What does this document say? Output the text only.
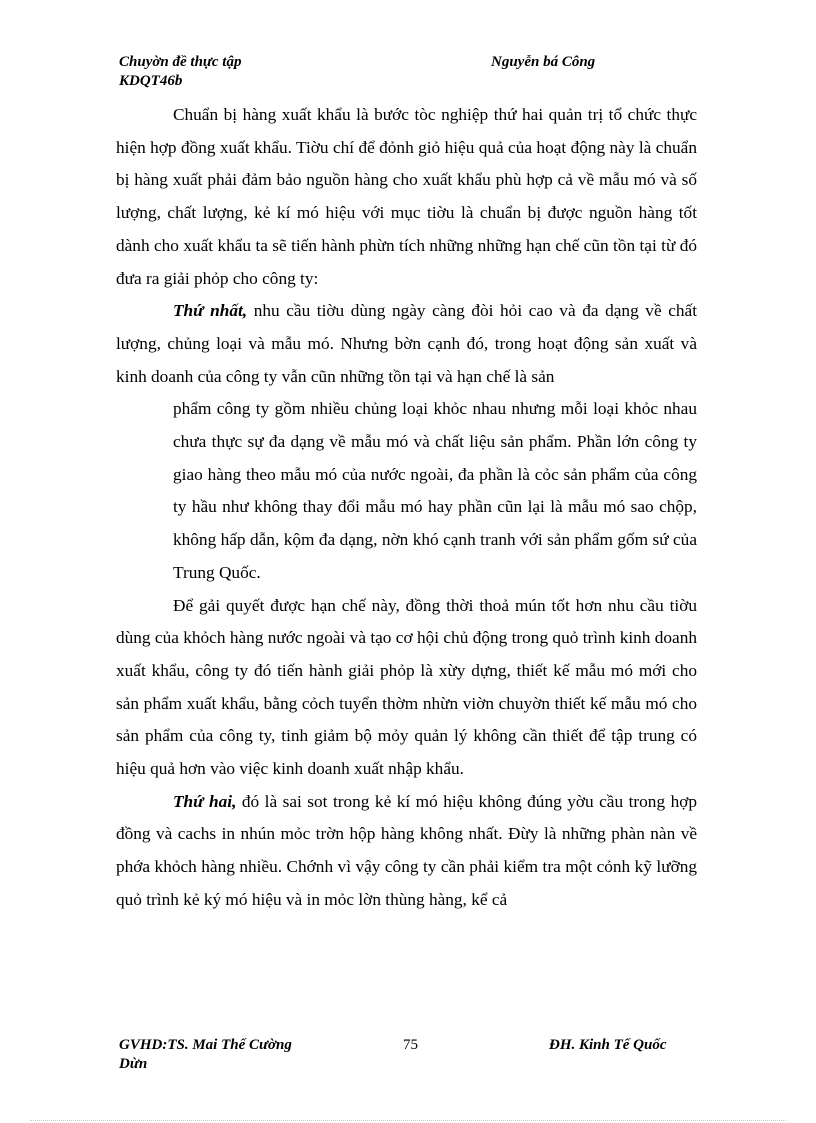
Chuyờn đề thực tập
KDQT46b
Nguyễn bá Công

Chuẩn bị hàng xuất khẩu là bước tòc nghiệp thứ hai quản trị tổ chức thực hiện hợp đồng xuất khẩu. Tiờu chí để đỏnh giỏ hiệu quả của hoạt động này là chuẩn bị hàng xuất phải đảm bảo nguồn hàng cho xuất khẩu phù hợp cả về mẫu mó và số lượng, chất lượng, kẻ kí mó hiệu với mục tiờu là chuẩn bị được nguồn hàng tốt dành cho xuất khẩu ta sẽ tiến hành phừn tích những những hạn chế cũn tồn tại từ đó đưa ra giải phỏp cho công ty:

Thứ nhất, nhu cầu tiờu dùng ngày càng đòi hỏi cao và đa dạng về chất lượng, chủng loại và mẫu mó. Nhưng bờn cạnh đó, trong hoạt động sản xuất và kinh doanh của công ty vẫn cũn những tồn tại và hạn chế là sản

phẩm công ty gồm nhiều chủng loại khỏc nhau nhưng mỗi loại khỏc nhau chưa thực sự đa dạng về mẫu mó và chất liệu sản phẩm. Phần lớn công ty giao hàng theo mẫu mó của nước ngoài, đa phần là cỏc sản phẩm của công ty hầu như không thay đổi mẫu mó hay phần cũn lại là mẫu mó sao chộp, không hấp dẫn, kộm đa dạng, nờn khó cạnh tranh với sản phẩm gốm sứ của Trung Quốc.

Để gải quyết được hạn chế này, đồng thời thoả mún tốt hơn nhu cầu tiờu dùng của khỏch hàng nước ngoài và tạo cơ hội chủ động trong quỏ trình kinh doanh xuất khẩu, công ty đó tiến hành giải phỏp là xừy dựng, thiết kế mẫu mó mới cho sản phẩm xuất khẩu, bằng cỏch tuyển thờm nhừn viờn chuyờn thiết kế mẫu mó cho sản phẩm của công ty, tinh giảm bộ mỏy quản lý không cần thiết để tập trung có hiệu quả hơn vào việc kinh doanh xuất nhập khẩu.

Thứ hai, đó là sai sot trong kẻ kí mó hiệu không đúng yờu cầu trong hợp đồng và cachs in nhún mỏc trờn hộp hàng không nhất. Đừy là những phàn nàn về phớa khỏch hàng nhiều. Chớnh vì vậy công ty cần phải kiểm tra một cỏnh kỹ lưỡng quỏ trình kẻ ký mó hiệu và in mỏc lờn thùng hàng, kể cả

GVHD:TS. Mai Thế Cường
Dừn
75	ĐH. Kinh Tế Quốc
